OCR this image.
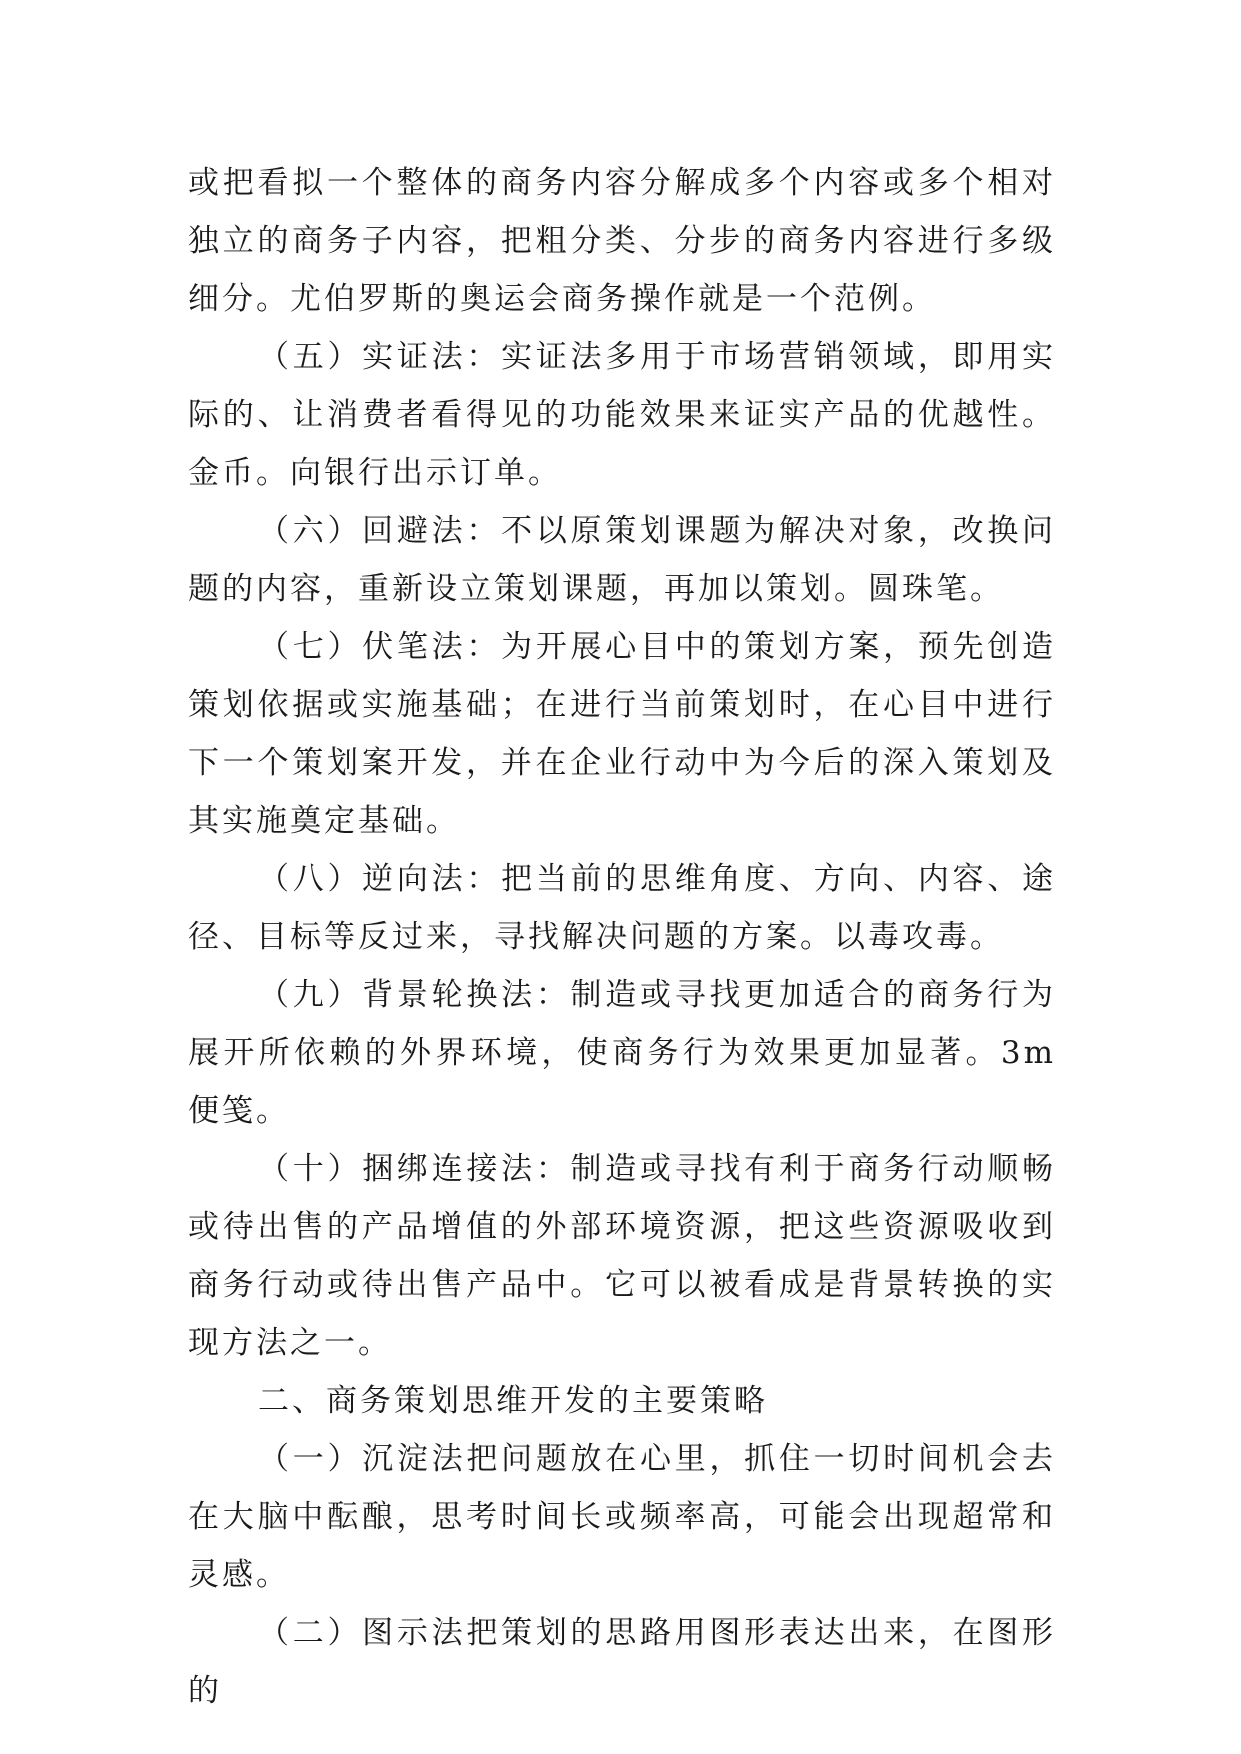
或把看拟一个整体的商务内容分解成多个内容或多个相对独立的商务子内容，把粗分类、分步的商务内容进行多级细分。尤伯罗斯的奥运会商务操作就是一个范例。

（五）实证法：实证法多用于市场营销领域，即用实际的、让消费者看得见的功能效果来证实产品的优越性。金币。向银行出示订单。

（六）回避法：不以原策划课题为解决对象，改换问题的内容，重新设立策划课题，再加以策划。圆珠笔。

（七）伏笔法：为开展心目中的策划方案，预先创造策划依据或实施基础；在进行当前策划时，在心目中进行下一个策划案开发，并在企业行动中为今后的深入策划及其实施奠定基础。

（八）逆向法：把当前的思维角度、方向、内容、途径、目标等反过来，寻找解决问题的方案。以毒攻毒。

（九）背景轮换法：制造或寻找更加适合的商务行为展开所依赖的外界环境，使商务行为效果更加显著。3m 便笺。

（十）捆绑连接法：制造或寻找有利于商务行动顺畅或待出售的产品增值的外部环境资源，把这些资源吸收到商务行动或待出售产品中。它可以被看成是背景转换的实现方法之一。

二、商务策划思维开发的主要策略

（一）沉淀法把问题放在心里，抓住一切时间机会去在大脑中酝酿，思考时间长或频率高，可能会出现超常和灵感。

（二）图示法把策划的思路用图形表达出来，在图形的
